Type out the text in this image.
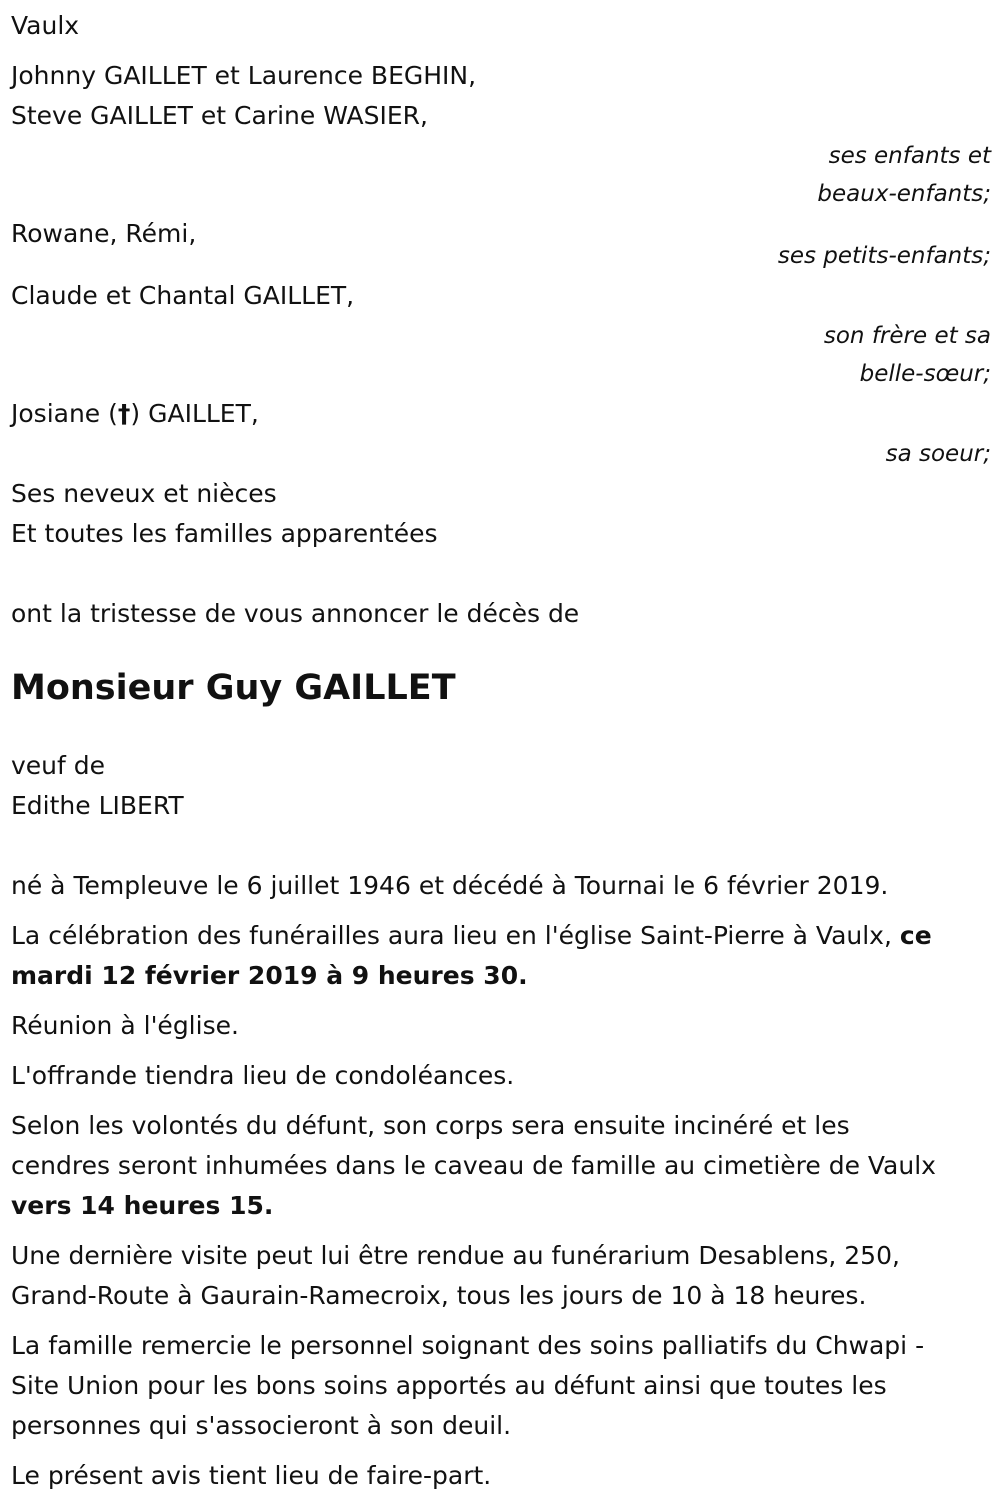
Vaulx
Johnny GAILLET et Laurence BEGHIN,
Steve GAILLET et Carine WASIER,
ses enfants et
beaux-enfants;
Rowane, Rémi,
ses petits-enfants;
Claude et Chantal GAILLET,
son frère et sa
belle-sœur;
Josiane (†) GAILLET,
sa soeur;
Ses neveux et nièces
Et toutes les familles apparentées
ont la tristesse de vous annoncer le décès de
Monsieur Guy GAILLET
veuf de
Edithe LIBERT
né à Templeuve le 6 juillet 1946 et décédé à Tournai le 6 février 2019.
La célébration des funérailles aura lieu en l'église Saint-Pierre à Vaulx, ce
mardi 12 février 2019 à 9 heures 30.
Réunion à l'église.
L'offrande tiendra lieu de condoléances.
Selon les volontés du défunt, son corps sera ensuite incinéré et les
cendres seront inhumées dans le caveau de famille au cimetière de Vaulx
vers 14 heures 15.
Une dernière visite peut lui être rendue au funérarium Desablens, 250,
Grand-Route à Gaurain-Ramecroix, tous les jours de 10 à 18 heures.
La famille remercie le personnel soignant des soins palliatifs du Chwapi -
Site Union pour les bons soins apportés au défunt ainsi que toutes les
personnes qui s'associeront à son deuil.
Le présent avis tient lieu de faire-part.
